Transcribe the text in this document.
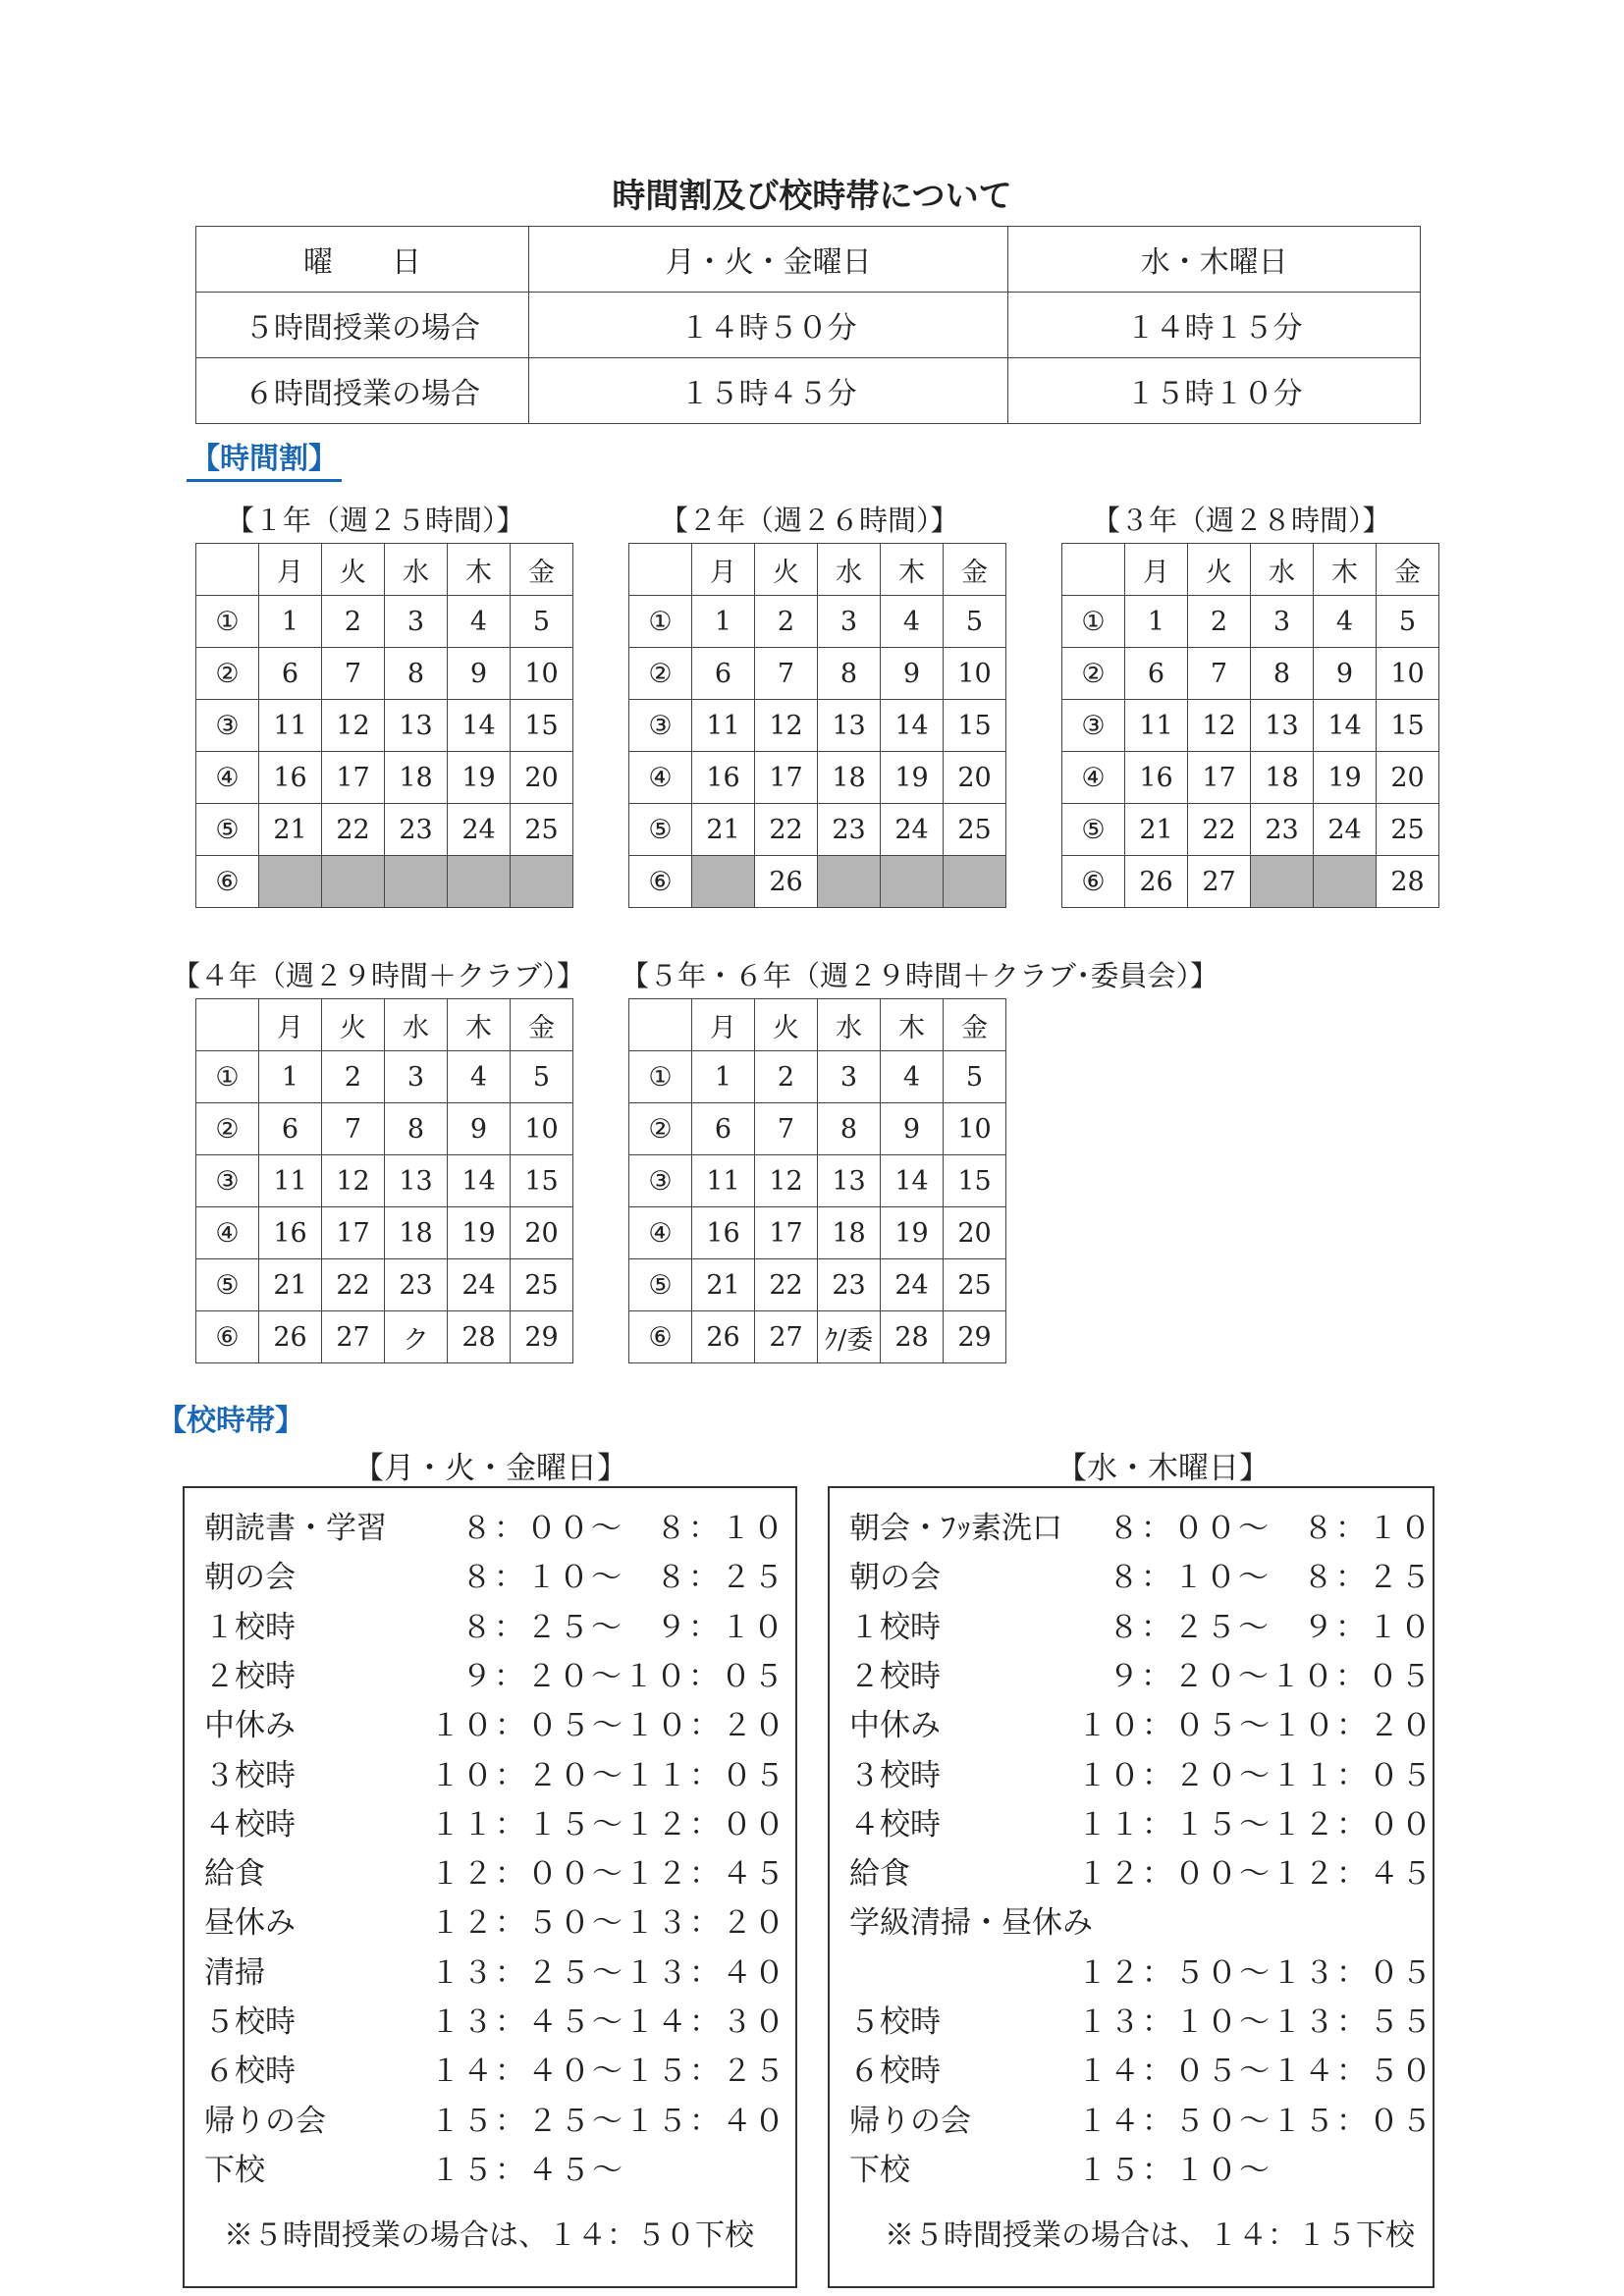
時間割及び校時帯について
曜　　日	月・火・金曜日	水・木曜日
５時間授業の場合	１４時５０分	１４時１５分
６時間授業の場合	１５時４５分	１５時１０分
【時間割】
【１年（週２５時間）】
	月	火	水	木	金
①	1	2	3	4	5
②	6	7	8	9	10
③	11	12	13	14	15
④	16	17	18	19	20
⑤	21	22	23	24	25
⑥					
【２年（週２６時間）】
	月	火	水	木	金
①	1	2	3	4	5
②	6	7	8	9	10
③	11	12	13	14	15
④	16	17	18	19	20
⑤	21	22	23	24	25
⑥		26			
【３年（週２８時間）】
	月	火	水	木	金
①	1	2	3	4	5
②	6	7	8	9	10
③	11	12	13	14	15
④	16	17	18	19	20
⑤	21	22	23	24	25
⑥	26	27			28
【４年（週２９時間＋クラブ）】
	月	火	水	木	金
①	1	2	3	4	5
②	6	7	8	9	10
③	11	12	13	14	15
④	16	17	18	19	20
⑤	21	22	23	24	25
⑥	26	27	ク	28	29
【５年・６年（週２９時間＋クラブ･委員会）】
	月	火	水	木	金
①	1	2	3	4	5
②	6	7	8	9	10
③	11	12	13	14	15
④	16	17	18	19	20
⑤	21	22	23	24	25
⑥	26	27	ｸ/委	28	29
【校時帯】
【月・火・金曜日】
朝読書・学習 ８：００～　８：１０
朝の会	８：１０～　８：２５
１校時	８：２５～　９：１０
２校時	９：２０～１０：０５
中休み	１０：０５～１０：２０
３校時	１０：２０～１１：０５
４校時	１１：１５～１２：００
給食	１２：００～１２：４５
昼休み	１２：５０～１３：２０
清掃	１３：２５～１３：４０
５校時	１３：４５～１４：３０
６校時	１４：４０～１５：２５
帰りの会	１５：２５～１５：４０
下校	１５：４５～
※５時間授業の場合は、１４：５０下校
【水・木曜日】
朝会・ﾌｯ素洗口 ８：００～　８：１０
朝の会	８：１０～　８：２５
１校時	８：２５～　９：１０
２校時	９：２０～１０：０５
中休み	１０：０５～１０：２０
３校時	１０：２０～１１：０５
４校時	１１：１５～１２：００
給食	１２：００～１２：４５
学級清掃・昼休み
１２：５０～１３：０５
５校時	１３：１０～１３：５５
６校時	１４：０５～１４：５０
帰りの会	１４：５０～１５：０５
下校	１５：１０～
※５時間授業の場合は、１４：１５下校
